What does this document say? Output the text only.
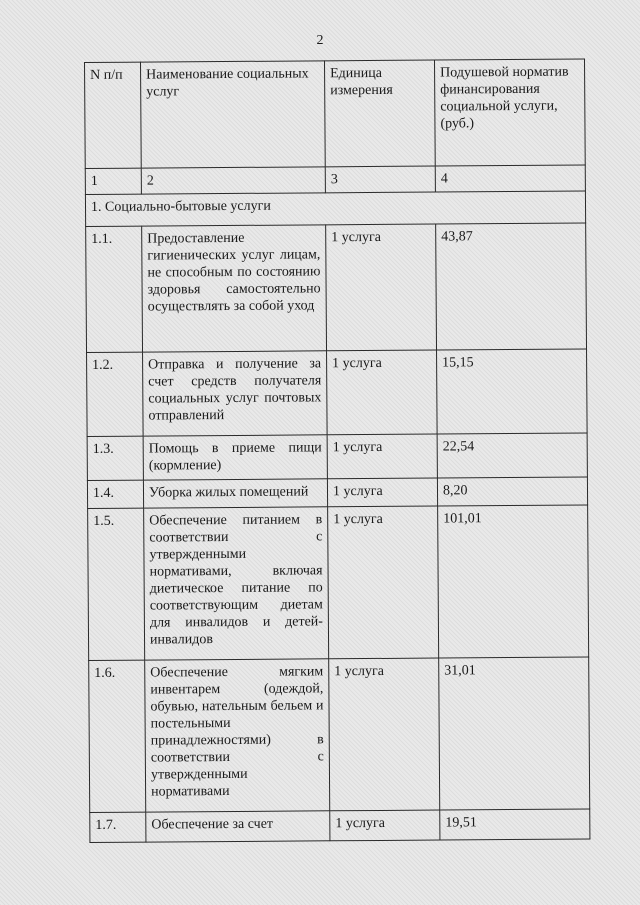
2
N п/п	Наименование социальных услуг	Единица измерения	Подушевой норматив финансирования социальной услуги, (руб.)
1	2	3	4
1. Социально-бытовые услуги			
1.1.	Предоставление гигиенических услуг лицам, не способным по состоянию здоровья самостоятельно осуществлять за собой уход	1 услуга	43,87
1.2.	Отправка и получение за счет средств получателя социальных услуг почтовых отправлений	1 услуга	15,15
1.3.	Помощь в приеме пищи (кормление)	1 услуга	22,54
1.4.	Уборка жилых помещений	1 услуга	8,20
1.5.	Обеспечение питанием в соответствии с утвержденными нормативами, включая диетическое питание по соответствующим диетам для инвалидов и детей-инвалидов	1 услуга	101,01
1.6.	Обеспечение мягким инвентарем (одеждой, обувью, нательным бельем и постельными принадлежностями) в соответствии с утвержденными нормативами	1 услуга	31,01
1.7.	Обеспечение за счет	1 услуга	19,51
